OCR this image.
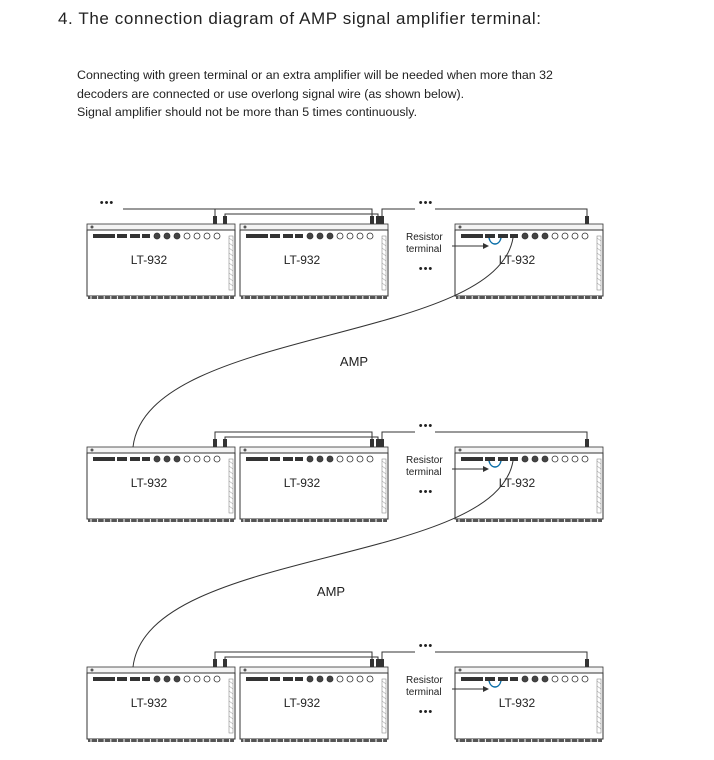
4. The connection diagram of AMP signal amplifier terminal:
Connecting with green terminal or an extra amplifier will be needed when more than 32
decoders are connected or use overlong signal wire (as shown below).
Signal amplifier should not be more than 5 times continuously.
LT-932	LT-932	LT-932
•••
•••
•••
Resistor
terminal
LT-932	LT-932	LT-932
•••
•••
Resistor
terminal
LT-932	LT-932	LT-932
•••
•••
Resistor
terminal
AMP
AMP
